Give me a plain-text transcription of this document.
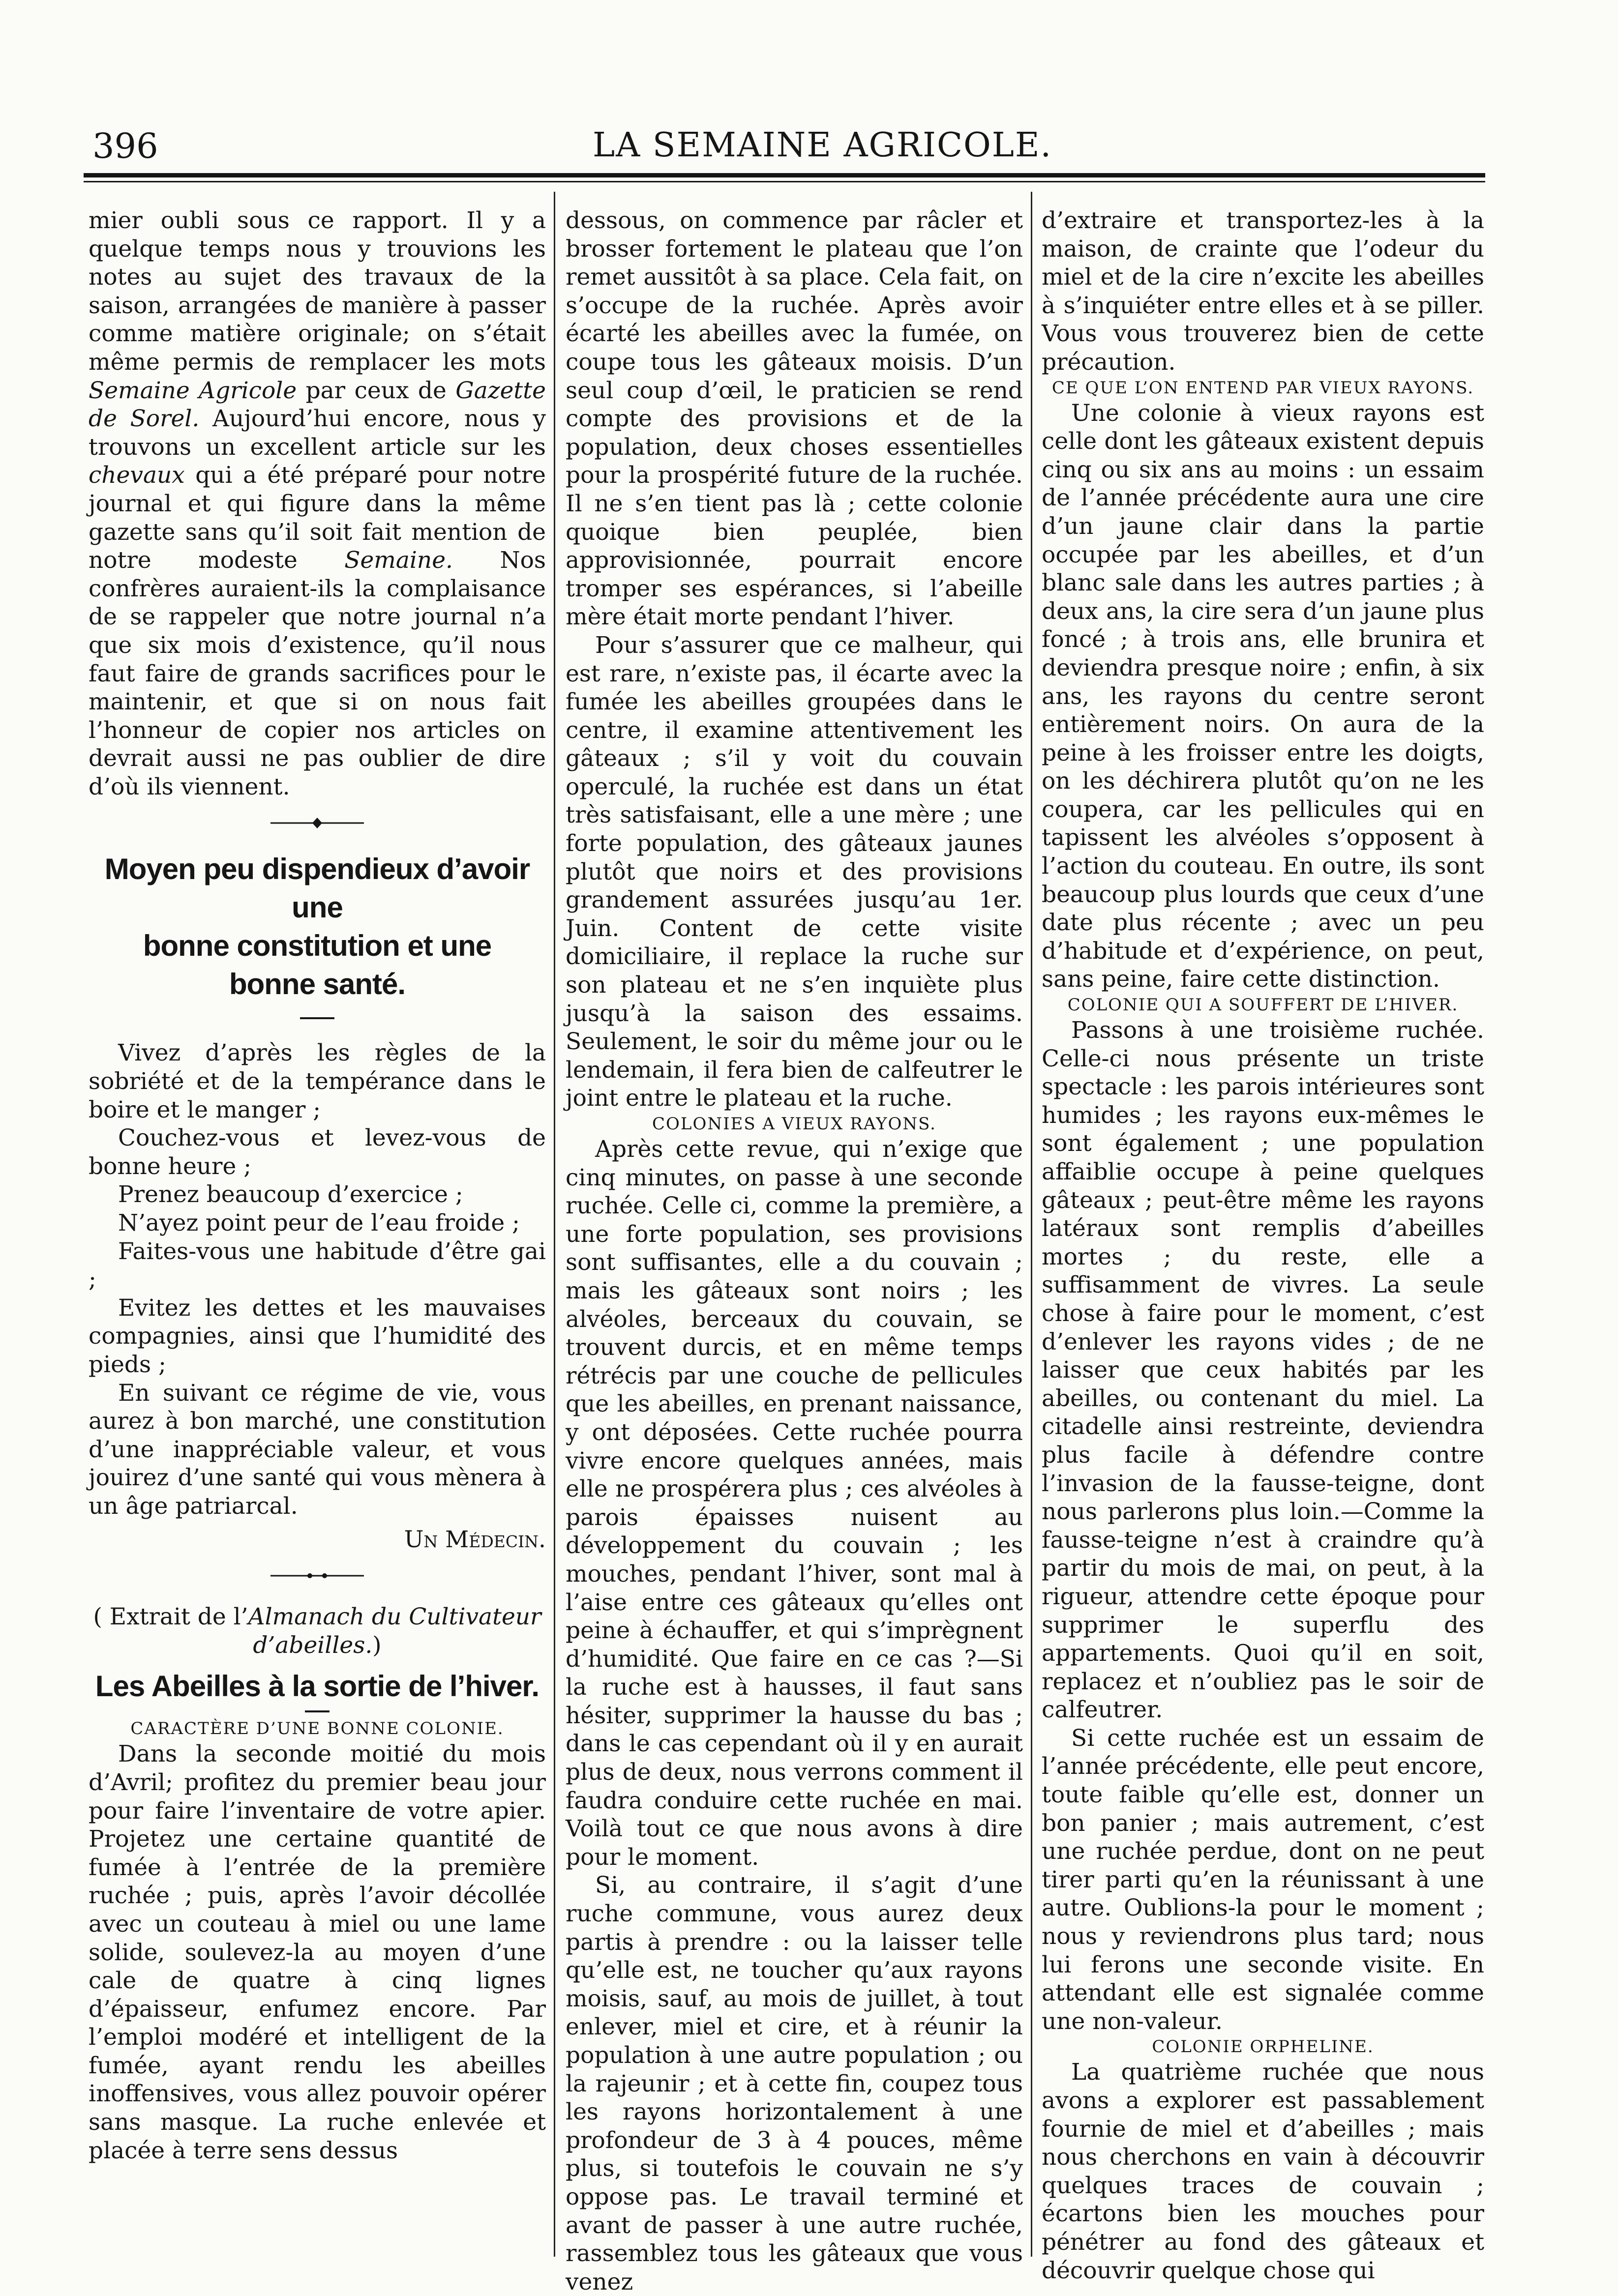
396	LA SEMAINE AGRICOLE.

mier oubli sous ce rapport. Il y a quelque temps nous y trouvions les notes au sujet des travaux de la saison, arrangées de manière à passer comme matière originale; on s’était même permis de remplacer les mots Semaine Agricole par ceux de Gazette de Sorel. Aujourd’hui encore, nous y trouvons un excellent article sur les chevaux qui a été préparé pour notre journal et qui figure dans la même gazette sans qu’il soit fait mention de notre modeste Semaine. Nos confrères auraient-ils la complaisance de se rappeler que notre journal n’a que six mois d’existence, qu’il nous faut faire de grands sacrifices pour le maintenir, et que si on nous fait l’honneur de copier nos articles on devrait aussi ne pas oublier de dire d’où ils viennent.

Moyen peu dispendieux d’avoir une
bonne constitution et une
bonne santé.

Vivez d’après les règles de la sobriété et de la tempérance dans le boire et le manger ;

Couchez-vous et levez-vous de bonne heure ;

Prenez beaucoup d’exercice ;

N’ayez point peur de l’eau froide ;

Faites-vous une habitude d’être gai ;

Evitez les dettes et les mauvaises compagnies, ainsi que l’humidité des pieds ;

En suivant ce régime de vie, vous aurez à bon marché, une constitution d’une inappréciable valeur, et vous jouirez d’une santé qui vous mènera à un âge patriarcal.

Un Médecin.

( Extrait de l’Almanach du Cultivateur d’abeilles.)

Les Abeilles à la sortie de l’hiver.

CARACTÈRE D’UNE BONNE COLONIE.

Dans la seconde moitié du mois d’Avril; profitez du premier beau jour pour faire l’inventaire de votre apier. Projetez une certaine quantité de fumée à l’entrée de la première ruchée ; puis, après l’avoir décollée avec un couteau à miel ou une lame solide, soulevez-la au moyen d’une cale de quatre à cinq lignes d’épaisseur, enfumez encore. Par l’emploi modéré et intelligent de la fumée, ayant rendu les abeilles inoffensives, vous allez pouvoir opérer sans masque. La ruche enlevée et placée à terre sens dessus

dessous, on commence par râcler et brosser fortement le plateau que l’on remet aussitôt à sa place. Cela fait, on s’occupe de la ruchée. Après avoir écarté les abeilles avec la fumée, on coupe tous les gâteaux moisis. D’un seul coup d’œil, le praticien se rend compte des provisions et de la population, deux choses essentielles pour la prospérité future de la ruchée. Il ne s’en tient pas là ; cette colonie quoique bien peuplée, bien approvisionnée, pourrait encore tromper ses espérances, si l’abeille mère était morte pendant l’hiver.

Pour s’assurer que ce malheur, qui est rare, n’existe pas, il écarte avec la fumée les abeilles groupées dans le centre, il examine attentivement les gâteaux ; s’il y voit du couvain operculé, la ruchée est dans un état très satisfaisant, elle a une mère ; une forte population, des gâteaux jaunes plutôt que noirs et des provisions grandement assurées jusqu’au 1er. Juin. Content de cette visite domiciliaire, il replace la ruche sur son plateau et ne s’en inquiète plus jusqu’à la saison des essaims. Seulement, le soir du même jour ou le lendemain, il fera bien de calfeutrer le joint entre le plateau et la ruche.

COLONIES A VIEUX RAYONS.

Après cette revue, qui n’exige que cinq minutes, on passe à une seconde ruchée. Celle ci, comme la première, a une forte population, ses provisions sont suffisantes, elle a du couvain ; mais les gâteaux sont noirs ; les alvéoles, berceaux du couvain, se trouvent durcis, et en même temps rétrécis par une couche de pellicules que les abeilles, en prenant naissance, y ont déposées. Cette ruchée pourra vivre encore quelques années, mais elle ne prospérera plus ; ces alvéoles à parois épaisses nuisent au développement du couvain ; les mouches, pendant l’hiver, sont mal à l’aise entre ces gâteaux qu’elles ont peine à échauffer, et qui s’imprègnent d’humidité. Que faire en ce cas ?—Si la ruche est à hausses, il faut sans hésiter, supprimer la hausse du bas ; dans le cas cependant où il y en aurait plus de deux, nous verrons comment il faudra conduire cette ruchée en mai. Voilà tout ce que nous avons à dire pour le moment.

Si, au contraire, il s’agit d’une ruche commune, vous aurez deux partis à prendre : ou la laisser telle qu’elle est, ne toucher qu’aux rayons moisis, sauf, au mois de juillet, à tout enlever, miel et cire, et à réunir la population à une autre population ; ou la rajeunir ; et à cette fin, coupez tous les rayons horizontalement à une profondeur de 3 à 4 pouces, même plus, si toutefois le couvain ne s’y oppose pas. Le travail terminé et avant de passer à une autre ruchée, rassemblez tous les gâteaux que vous venez

d’extraire et transportez-les à la maison, de crainte que l’odeur du miel et de la cire n’excite les abeilles à s’inquiéter entre elles et à se piller. Vous vous trouverez bien de cette précaution.

CE QUE L’ON ENTEND PAR VIEUX RAYONS.

Une colonie à vieux rayons est celle dont les gâteaux existent depuis cinq ou six ans au moins : un essaim de l’année précédente aura une cire d’un jaune clair dans la partie occupée par les abeilles, et d’un blanc sale dans les autres parties ; à deux ans, la cire sera d’un jaune plus foncé ; à trois ans, elle brunira et deviendra presque noire ; enfin, à six ans, les rayons du centre seront entièrement noirs. On aura de la peine à les froisser entre les doigts, on les déchirera plutôt qu’on ne les coupera, car les pellicules qui en tapissent les alvéoles s’opposent à l’action du couteau. En outre, ils sont beaucoup plus lourds que ceux d’une date plus récente ; avec un peu d’habitude et d’expérience, on peut, sans peine, faire cette distinction.

COLONIE QUI A SOUFFERT DE L’HIVER.

Passons à une troisième ruchée. Celle-ci nous présente un triste spectacle : les parois intérieures sont humides ; les rayons eux-mêmes le sont également ; une population affaiblie occupe à peine quelques gâteaux ; peut-être même les rayons latéraux sont remplis d’abeilles mortes ; du reste, elle a suffisamment de vivres. La seule chose à faire pour le moment, c’est d’enlever les rayons vides ; de ne laisser que ceux habités par les abeilles, ou contenant du miel. La citadelle ainsi restreinte, deviendra plus facile à défendre contre l’invasion de la fausse-teigne, dont nous parlerons plus loin.—Comme la fausse-teigne n’est à craindre qu’à partir du mois de mai, on peut, à la rigueur, attendre cette époque pour supprimer le superflu des appartements. Quoi qu’il en soit, replacez et n’oubliez pas le soir de calfeutrer.

Si cette ruchée est un essaim de l’année précédente, elle peut encore, toute faible qu’elle est, donner un bon panier ; mais autrement, c’est une ruchée perdue, dont on ne peut tirer parti qu’en la réunissant à une autre. Oublions-la pour le moment ; nous y reviendrons plus tard; nous lui ferons une seconde visite. En attendant elle est signalée comme une non-valeur.

COLONIE ORPHELINE.

La quatrième ruchée que nous avons a explorer est passablement fournie de miel et d’abeilles ; mais nous cherchons en vain à découvrir quelques traces de couvain ; écartons bien les mouches pour pénétrer au fond des gâteaux et découvrir quelque chose qui
